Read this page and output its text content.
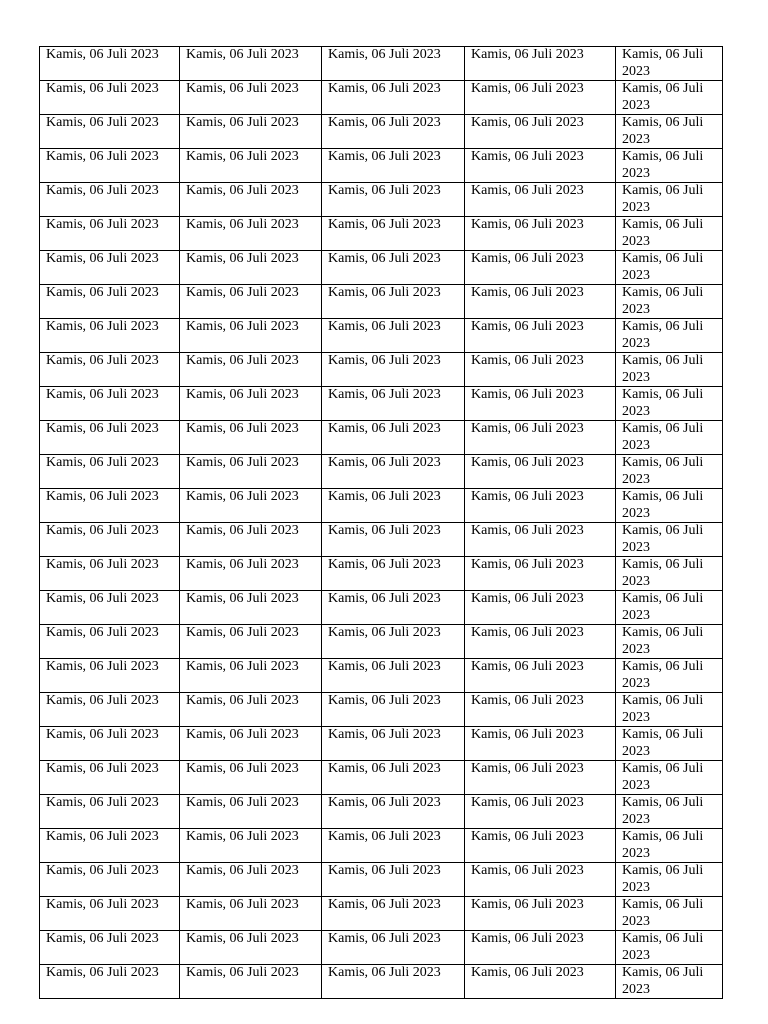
Kamis, 06 Juli 2023	Kamis, 06 Juli 2023	Kamis, 06 Juli 2023	Kamis, 06 Juli 2023	Kamis, 06 Juli 2023
Kamis, 06 Juli 2023	Kamis, 06 Juli 2023	Kamis, 06 Juli 2023	Kamis, 06 Juli 2023	Kamis, 06 Juli 2023
Kamis, 06 Juli 2023	Kamis, 06 Juli 2023	Kamis, 06 Juli 2023	Kamis, 06 Juli 2023	Kamis, 06 Juli 2023
Kamis, 06 Juli 2023	Kamis, 06 Juli 2023	Kamis, 06 Juli 2023	Kamis, 06 Juli 2023	Kamis, 06 Juli 2023
Kamis, 06 Juli 2023	Kamis, 06 Juli 2023	Kamis, 06 Juli 2023	Kamis, 06 Juli 2023	Kamis, 06 Juli 2023
Kamis, 06 Juli 2023	Kamis, 06 Juli 2023	Kamis, 06 Juli 2023	Kamis, 06 Juli 2023	Kamis, 06 Juli 2023
Kamis, 06 Juli 2023	Kamis, 06 Juli 2023	Kamis, 06 Juli 2023	Kamis, 06 Juli 2023	Kamis, 06 Juli 2023
Kamis, 06 Juli 2023	Kamis, 06 Juli 2023	Kamis, 06 Juli 2023	Kamis, 06 Juli 2023	Kamis, 06 Juli 2023
Kamis, 06 Juli 2023	Kamis, 06 Juli 2023	Kamis, 06 Juli 2023	Kamis, 06 Juli 2023	Kamis, 06 Juli 2023
Kamis, 06 Juli 2023	Kamis, 06 Juli 2023	Kamis, 06 Juli 2023	Kamis, 06 Juli 2023	Kamis, 06 Juli 2023
Kamis, 06 Juli 2023	Kamis, 06 Juli 2023	Kamis, 06 Juli 2023	Kamis, 06 Juli 2023	Kamis, 06 Juli 2023
Kamis, 06 Juli 2023	Kamis, 06 Juli 2023	Kamis, 06 Juli 2023	Kamis, 06 Juli 2023	Kamis, 06 Juli 2023
Kamis, 06 Juli 2023	Kamis, 06 Juli 2023	Kamis, 06 Juli 2023	Kamis, 06 Juli 2023	Kamis, 06 Juli 2023
Kamis, 06 Juli 2023	Kamis, 06 Juli 2023	Kamis, 06 Juli 2023	Kamis, 06 Juli 2023	Kamis, 06 Juli 2023
Kamis, 06 Juli 2023	Kamis, 06 Juli 2023	Kamis, 06 Juli 2023	Kamis, 06 Juli 2023	Kamis, 06 Juli 2023
Kamis, 06 Juli 2023	Kamis, 06 Juli 2023	Kamis, 06 Juli 2023	Kamis, 06 Juli 2023	Kamis, 06 Juli 2023
Kamis, 06 Juli 2023	Kamis, 06 Juli 2023	Kamis, 06 Juli 2023	Kamis, 06 Juli 2023	Kamis, 06 Juli 2023
Kamis, 06 Juli 2023	Kamis, 06 Juli 2023	Kamis, 06 Juli 2023	Kamis, 06 Juli 2023	Kamis, 06 Juli 2023
Kamis, 06 Juli 2023	Kamis, 06 Juli 2023	Kamis, 06 Juli 2023	Kamis, 06 Juli 2023	Kamis, 06 Juli 2023
Kamis, 06 Juli 2023	Kamis, 06 Juli 2023	Kamis, 06 Juli 2023	Kamis, 06 Juli 2023	Kamis, 06 Juli 2023
Kamis, 06 Juli 2023	Kamis, 06 Juli 2023	Kamis, 06 Juli 2023	Kamis, 06 Juli 2023	Kamis, 06 Juli 2023
Kamis, 06 Juli 2023	Kamis, 06 Juli 2023	Kamis, 06 Juli 2023	Kamis, 06 Juli 2023	Kamis, 06 Juli 2023
Kamis, 06 Juli 2023	Kamis, 06 Juli 2023	Kamis, 06 Juli 2023	Kamis, 06 Juli 2023	Kamis, 06 Juli 2023
Kamis, 06 Juli 2023	Kamis, 06 Juli 2023	Kamis, 06 Juli 2023	Kamis, 06 Juli 2023	Kamis, 06 Juli 2023
Kamis, 06 Juli 2023	Kamis, 06 Juli 2023	Kamis, 06 Juli 2023	Kamis, 06 Juli 2023	Kamis, 06 Juli 2023
Kamis, 06 Juli 2023	Kamis, 06 Juli 2023	Kamis, 06 Juli 2023	Kamis, 06 Juli 2023	Kamis, 06 Juli 2023
Kamis, 06 Juli 2023	Kamis, 06 Juli 2023	Kamis, 06 Juli 2023	Kamis, 06 Juli 2023	Kamis, 06 Juli 2023
Kamis, 06 Juli 2023	Kamis, 06 Juli 2023	Kamis, 06 Juli 2023	Kamis, 06 Juli 2023	Kamis, 06 Juli 2023
